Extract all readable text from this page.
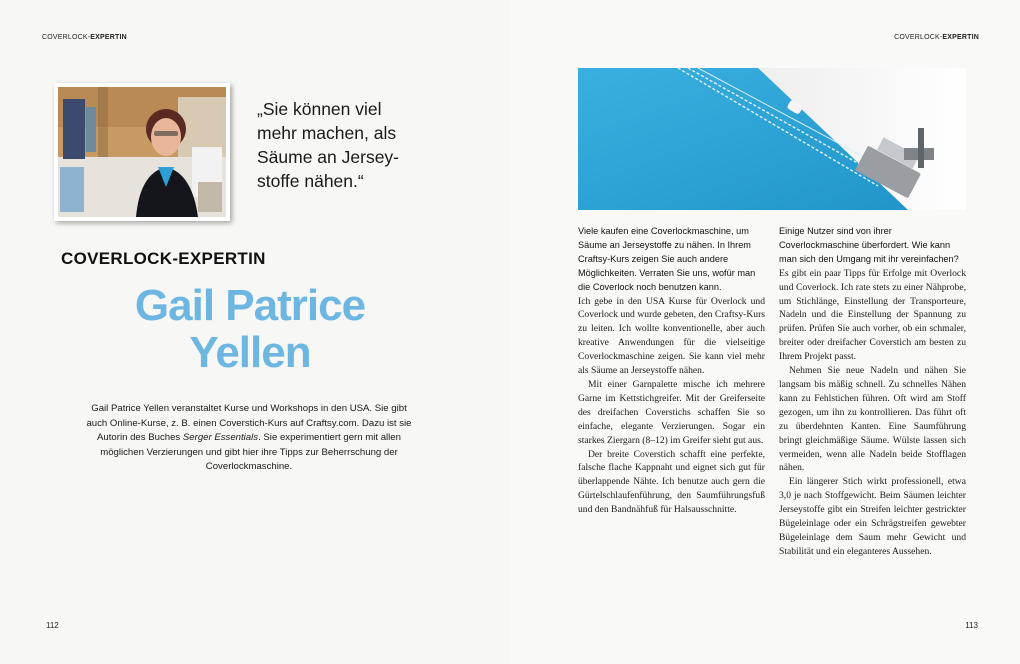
COVERLOCK-EXPERTIN
„Sie können viel
mehr machen, als
Säume an Jersey-
stoffe nähen.“
COVERLOCK-EXPERTIN
Gail Patrice
Yellen
Gail Patrice Yellen veranstaltet Kurse und Workshops in den USA. Sie gibt auch Online-Kurse, z. B. einen Coverstich-Kurs auf Craftsy.com. Dazu ist sie Autorin des Buches Serger Essentials. Sie experimentiert gern mit allen möglichen Verzierungen und gibt hier ihre Tipps zur Beherrschung der Coverlockmaschine.
112
COVERLOCK-EXPERTIN
113

Viele kaufen eine Coverlockmaschine, um Säume an Jerseystoffe zu nähen. In Ihrem Craftsy-Kurs zeigen Sie auch andere Möglichkeiten. Verraten Sie uns, wofür man die Coverlock noch benutzen kann.

Ich gebe in den USA Kurse für Overlock und Coverlock und wurde gebeten, den Craftsy-Kurs zu leiten. Ich wollte konventionelle, aber auch kreative Anwendungen für die vielseitige Coverlockmaschine zeigen. Sie kann viel mehr als Säume an Jerseystoffe nähen.

Mit einer Garnpalette mische ich mehrere Garne im Kettstichgreifer. Mit der Greiferseite des dreifachen Coverstichs schaffen Sie so einfache, elegante Verzierungen. Sogar ein starkes Ziergarn (8–12) im Greifer sieht gut aus.

Der breite Coverstich schafft eine perfekte, falsche flache Kappnaht und eignet sich gut für überlappende Nähte. Ich benutze auch gern die Gürtelschlaufenführung, den Saumführungsfuß und den Bandnähfuß für Halsausschnitte.

Einige Nutzer sind von ihrer Coverlockmaschine überfordert. Wie kann man sich den Umgang mit ihr vereinfachen?

Es gibt ein paar Tipps für Erfolge mit Overlock und Coverlock. Ich rate stets zu einer Nähprobe, um Stichlänge, Einstellung der Transporteure, Nadeln und die Einstellung der Spannung zu prüfen. Prüfen Sie auch vorher, ob ein schmaler, breiter oder dreifacher Coverstich am besten zu Ihrem Projekt passt.

Nehmen Sie neue Nadeln und nähen Sie langsam bis mäßig schnell. Zu schnelles Nähen kann zu Fehlstichen führen. Oft wird am Stoff gezogen, um ihn zu kontrollieren. Das führt oft zu überdehnten Kanten. Eine Saumführung bringt gleichmäßige Säume. Wülste lassen sich vermeiden, wenn alle Nadeln beide Stofflagen nähen.

Ein längerer Stich wirkt professionell, etwa 3,0 je nach Stoffgewicht. Beim Säumen leichter Jerseystoffe gibt ein Streifen leichter gestrickter Bügeleinlage oder ein Schrägstreifen gewebter Bügeleinlage dem Saum mehr Gewicht und Stabilität und ein eleganteres Aussehen.
